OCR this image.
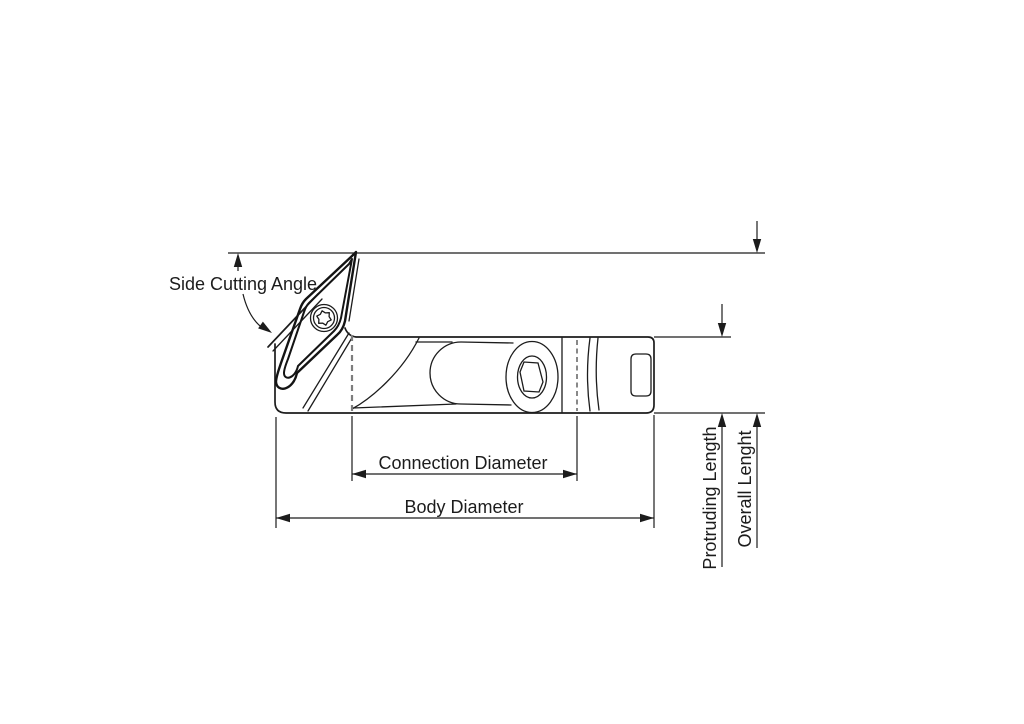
Side Cutting Angle
Connection Diameter
Body Diameter	Protruding Length Overall Lenght
